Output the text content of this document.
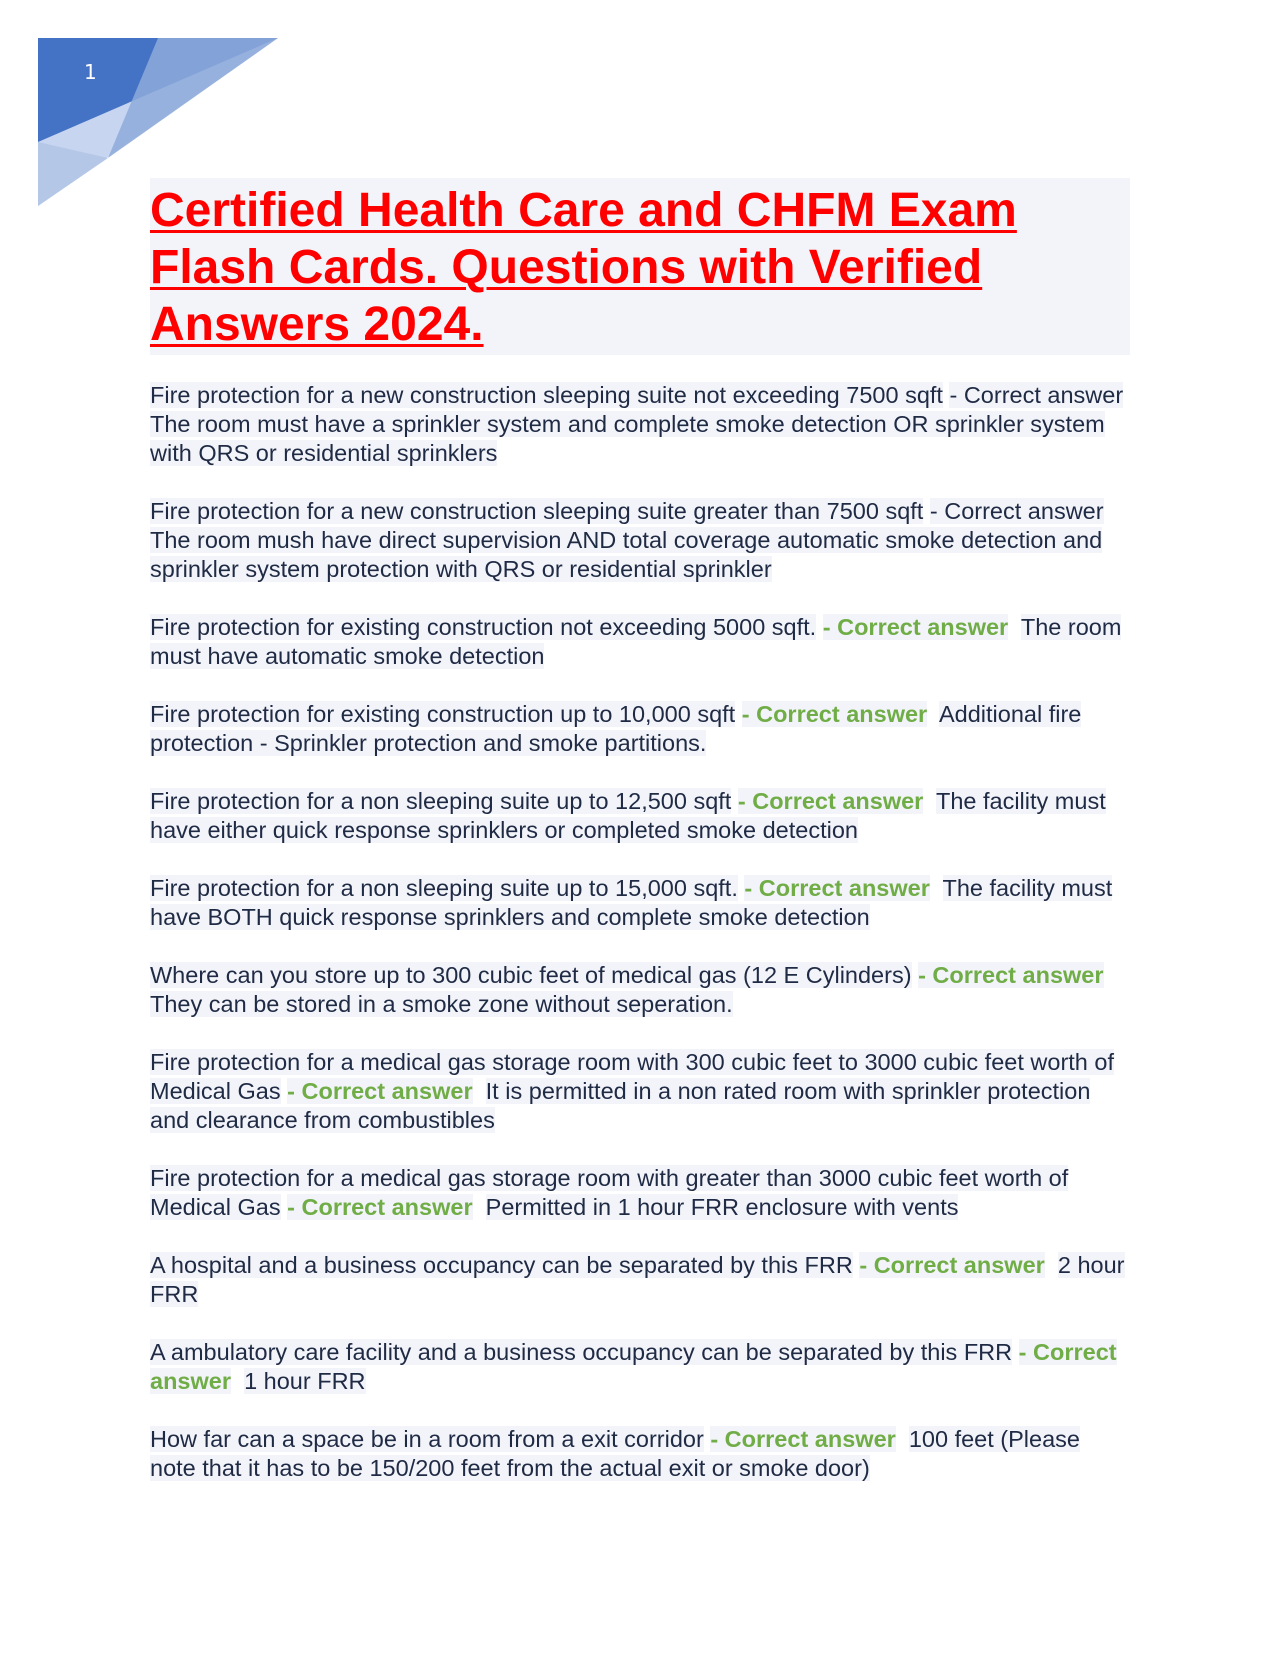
1
Certified Health Care and CHFM Exam Flash Cards. Questions with Verified Answers 2024.

Fire protection for a new construction sleeping suite not exceeding 7500 sqft - Correct answer The room must have a sprinkler system and complete smoke detection OR sprinkler system with QRS or residential sprinklers

Fire protection for a new construction sleeping suite greater than 7500 sqft - Correct answer The room mush have direct supervision AND total coverage automatic smoke detection and sprinkler system protection with QRS or residential sprinkler

Fire protection for existing construction not exceeding 5000 sqft. - Correct answer The room must have automatic smoke detection

Fire protection for existing construction up to 10,000 sqft - Correct answer Additional fire protection - Sprinkler protection and smoke partitions.

Fire protection for a non sleeping suite up to 12,500 sqft - Correct answer The facility must have either quick response sprinklers or completed smoke detection

Fire protection for a non sleeping suite up to 15,000 sqft. - Correct answer The facility must have BOTH quick response sprinklers and complete smoke detection

Where can you store up to 300 cubic feet of medical gas (12 E Cylinders) - Correct answer  They can be stored in a smoke zone without seperation.

Fire protection for a medical gas storage room with 300 cubic feet to 3000 cubic feet worth of Medical Gas - Correct answer It is permitted in a non rated room with sprinkler protection and clearance from combustibles

Fire protection for a medical gas storage room with greater than 3000 cubic feet worth of Medical Gas - Correct answer Permitted in 1 hour FRR enclosure with vents

A hospital and a business occupancy can be separated by this FRR - Correct answer 2 hour FRR

A ambulatory care facility and a business occupancy can be separated by this FRR - Correct answer 1 hour FRR

How far can a space be in a room from a exit corridor - Correct answer 100 feet (Please note that it has to be 150/200 feet from the actual exit or smoke door)
